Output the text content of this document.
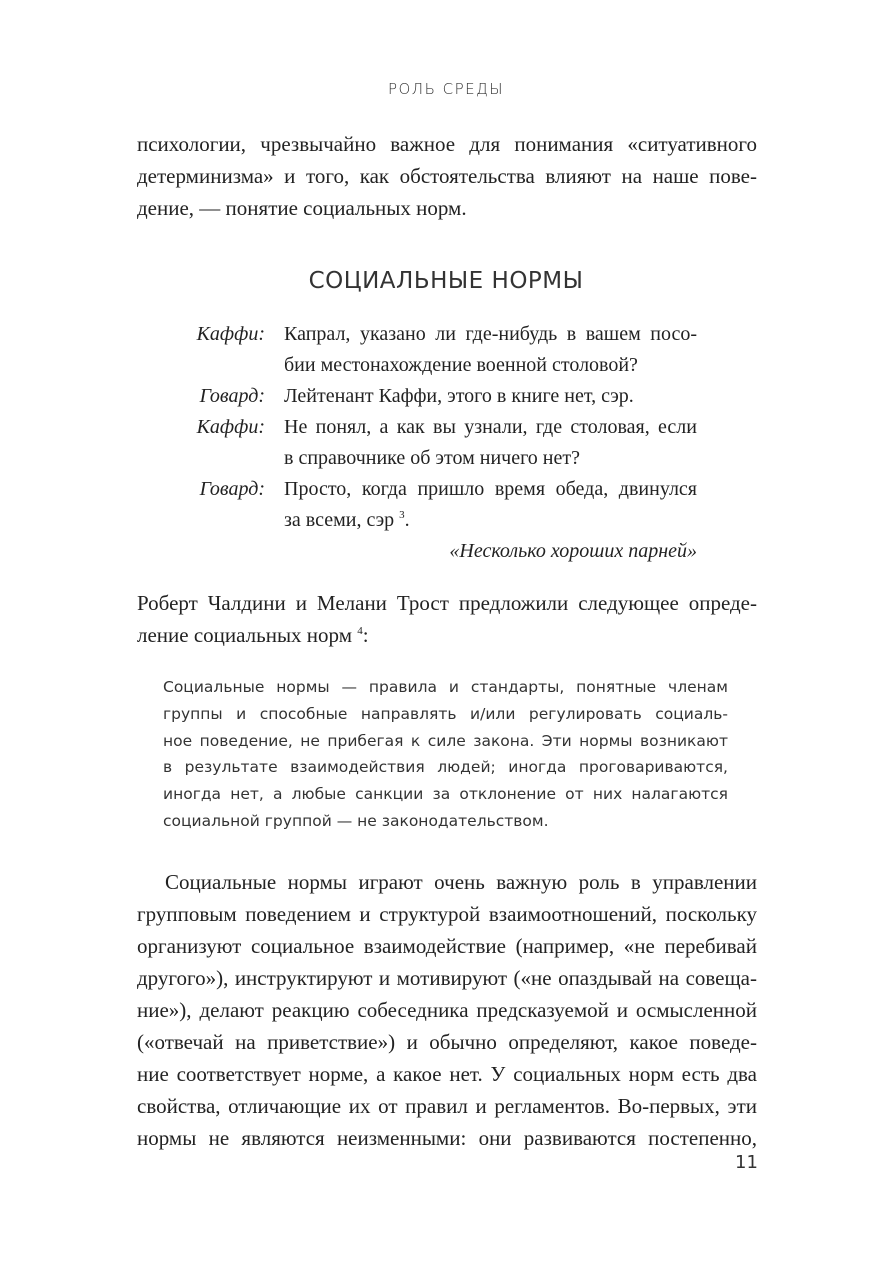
РОЛЬ СРЕДЫ
психологии, чрезвычайно важное для понимания «ситуативного
детерминизма» и того, как обстоятельства влияют на наше пове-
дение, — понятие социальных норм.
СОЦИАЛЬНЫЕ НОРМЫ
Каффи: Капрал, указано ли где-нибудь в вашем посо-
бии местонахождение военной столовой?
Говард: Лейтенант Каффи, этого в книге нет, сэр.
Каффи: Не понял, а как вы узнали, где столовая, если
в справочнике об этом ничего нет?
Говард: Просто, когда пришло время обеда, двинулся
за всеми, сэр $^3$.
«Несколько хороших парней»
Роберт Чалдини и Мелани Трост предложили следующее опреде-
ление социальных норм $^4$:
Социальные нормы — правила и стандарты, понятные членам
группы и способные направлять и/или регулировать социаль-
ное поведение, не прибегая к силе закона. Эти нормы возникают
в результате взаимодействия людей; иногда проговариваются,
иногда нет, а любые санкции за отклонение от них налагаются
социальной группой — не законодательством.
Социальные нормы играют очень важную роль в управлении
групповым поведением и структурой взаимоотношений, поскольку
организуют социальное взаимодействие (например, «не перебивай
другого»), инструктируют и мотивируют («не опаздывай на совеща-
ние»), делают реакцию собеседника предсказуемой и осмысленной
(«отвечай на приветствие») и обычно определяют, какое поведе-
ние соответствует норме, а какое нет. У социальных норм есть два
свойства, отличающие их от правил и регламентов. Во-первых, эти
нормы не являются неизменными: они развиваются постепенно,
11
